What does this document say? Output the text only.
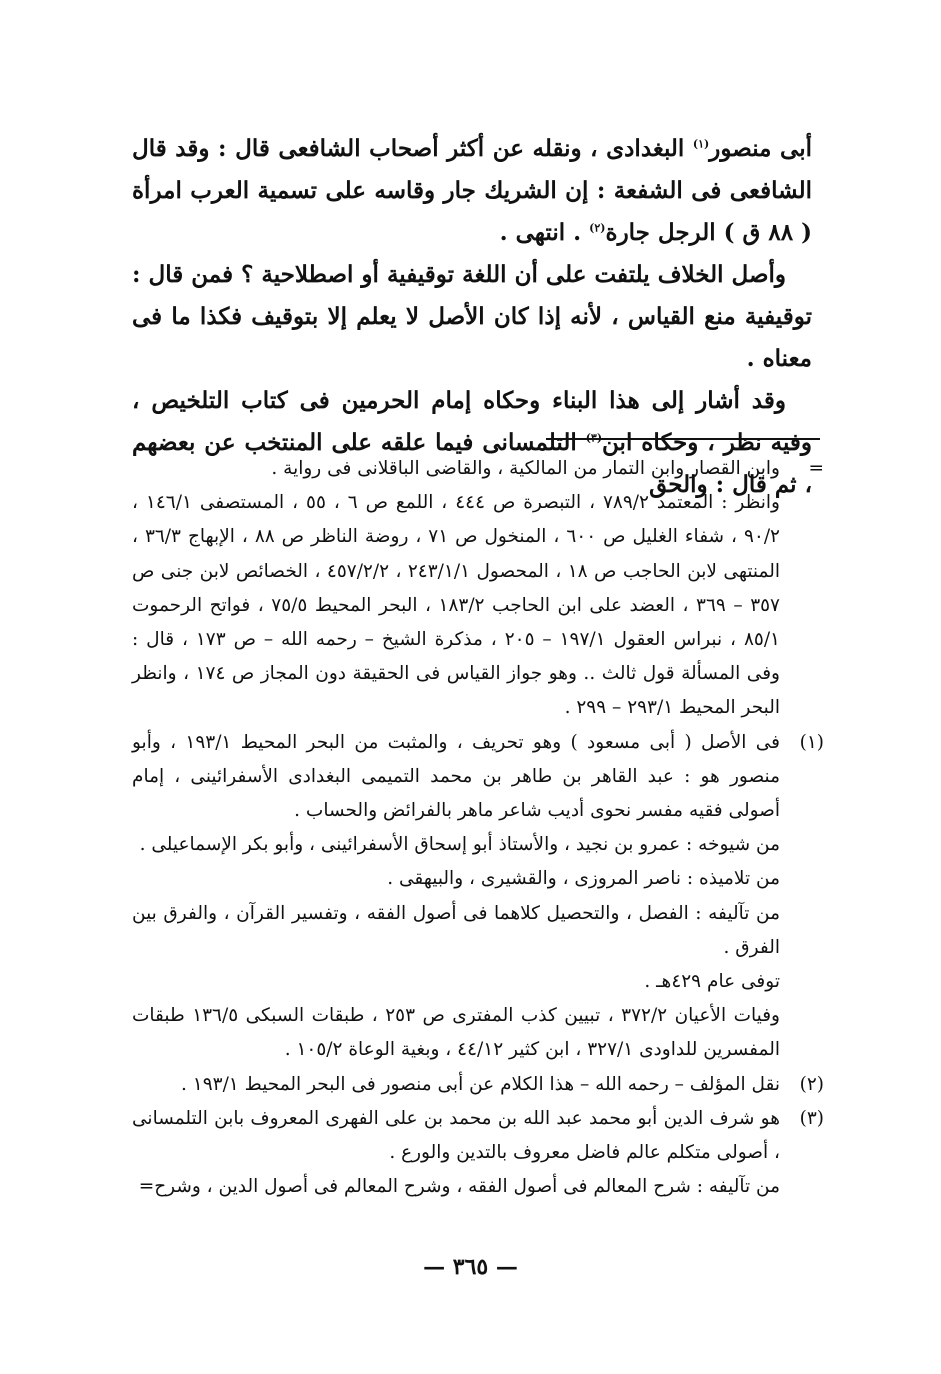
أبى منصور$^{(١)}$ البغدادى ، ونقله عن أكثر أصحاب الشافعى قال : وقد قال الشافعى فى الشفعة : إن الشريك جار وقاسه على تسمية العرب امرأة ( ٨٨ ق ) الرجل جارة$^{(٢)}$ . انتهى .

وأصل الخلاف يلتفت على أن اللغة توقيفية أو اصطلاحية ؟ فمن قال : توقيفية منع القياس ، لأنه إذا كان الأصل لا يعلم إلا بتوقيف فكذا ما فى معناه .

وقد أشار إلى هذا البناء وحكاه إمام الحرمين فى كتاب التلخيص ، وفيه نظر ، وحكاه ابن$^{(٣)}$ التلمسانى فيما علقه على المنتخب عن بعضهم ، ثم قال : والحق

=

وابن القصار وابن التمار من المالكية ، والقاضى الباقلانى فى رواية .

وانظر : المعتمد ٧٨٩/٢ ، التبصرة ص ٤٤٤ ، اللمع ص ٦ ، ٥٥ ، المستصفى ١٤٦/١ ، ٩٠/٢ ، شفاء الغليل ص ٦٠٠ ، المنخول ص ٧١ ، روضة الناظر ص ٨٨ ، الإبهاج ٣٦/٣ ، المنتهى لابن الحاجب ص ١٨ ، المحصول ٢٤٣/١/١ ، ٤٥٧/٢/٢ ، الخصائص لابن جنى ص ٣٥٧ – ٣٦٩ ، العضد على ابن الحاجب ١٨٣/٢ ، البحر المحيط ٧٥/٥ ، فواتح الرحموت ٨٥/١ ، نبراس العقول ١٩٧/١ – ٢٠٥ ، مذكرة الشيخ – رحمه الله – ص ١٧٣ ، قال : وفى المسألة قول ثالث .. وهو جواز القياس فى الحقيقة دون المجاز ص ١٧٤ ، وانظر البحر المحيط ٢٩٣/١ – ٢٩٩ .

(١)

فى الأصل ( أبى مسعود ) وهو تحريف ، والمثبت من البحر المحيط ١٩٣/١ ، وأبو منصور هو : عبد القاهر بن طاهر بن محمد التميمى البغدادى الأسفرائينى ، إمام أصولى فقيه مفسر نحوى أديب شاعر ماهر بالفرائض والحساب .

من شيوخه : عمرو بن نجيد ، والأستاذ أبو إسحاق الأسفرائينى ، وأبو بكر الإسماعيلى .

من تلاميذه : ناصر المروزى ، والقشيرى ، والبيهقى .

من تآليفه : الفصل ، والتحصيل كلاهما فى أصول الفقه ، وتفسير القرآن ، والفرق بين الفرق .

توفى عام ٤٢٩هـ .

وفيات الأعيان ٣٧٢/٢ ، تبيين كذب المفترى ص ٢٥٣ ، طبقات السبكى ١٣٦/٥ طبقات المفسرين للداودى ٣٢٧/١ ، ابن كثير ٤٤/١٢ ، وبغية الوعاة ١٠٥/٢ .

(٢)

نقل المؤلف – رحمه الله – هذا الكلام عن أبى منصور فى البحر المحيط ١٩٣/١ .

(٣)

هو شرف الدين أبو محمد عبد الله بن محمد بن على الفهرى المعروف بابن التلمسانى ، أصولى متكلم عالم فاضل معروف بالتدين والورع .

من تآليفه : شرح المعالم فى أصول الفقه ، وشرح المعالم فى أصول الدين ، وشرح=

— ٣٦٥ —
